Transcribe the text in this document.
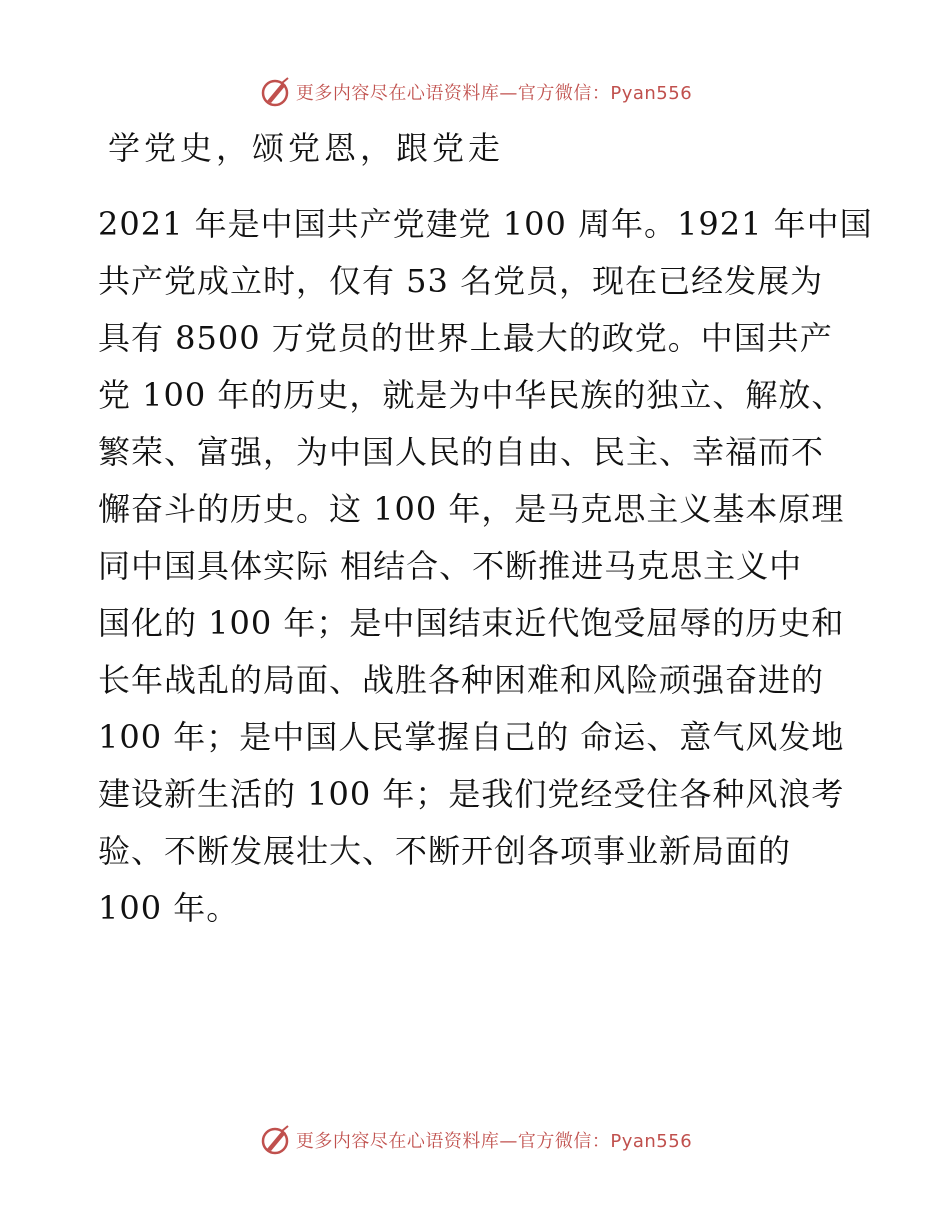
更多内容尽在心语资料库—官方微信：Pyan556
学党史，颂党恩，跟党走
2021 年是中国共产党建党 100 周年。1921 年中国
共产党成立时，仅有 53 名党员，现在已经发展为
具有 8500 万党员的世界上最大的政党。中国共产
党 100 年的历史，就是为中华民族的独立、解放、
繁荣、富强，为中国人民的自由、民主、幸福而不
懈奋斗的历史。这 100 年，是马克思主义基本原理
同中国具体实际 相结合、不断推进马克思主义中
国化的 100 年；是中国结束近代饱受屈辱的历史和
长年战乱的局面、战胜各种困难和风险顽强奋进的
100 年；是中国人民掌握自己的 命运、意气风发地
建设新生活的 100 年；是我们党经受住各种风浪考
验、不断发展壮大、不断开创各项事业新局面的
100 年。
更多内容尽在心语资料库—官方微信：Pyan556
